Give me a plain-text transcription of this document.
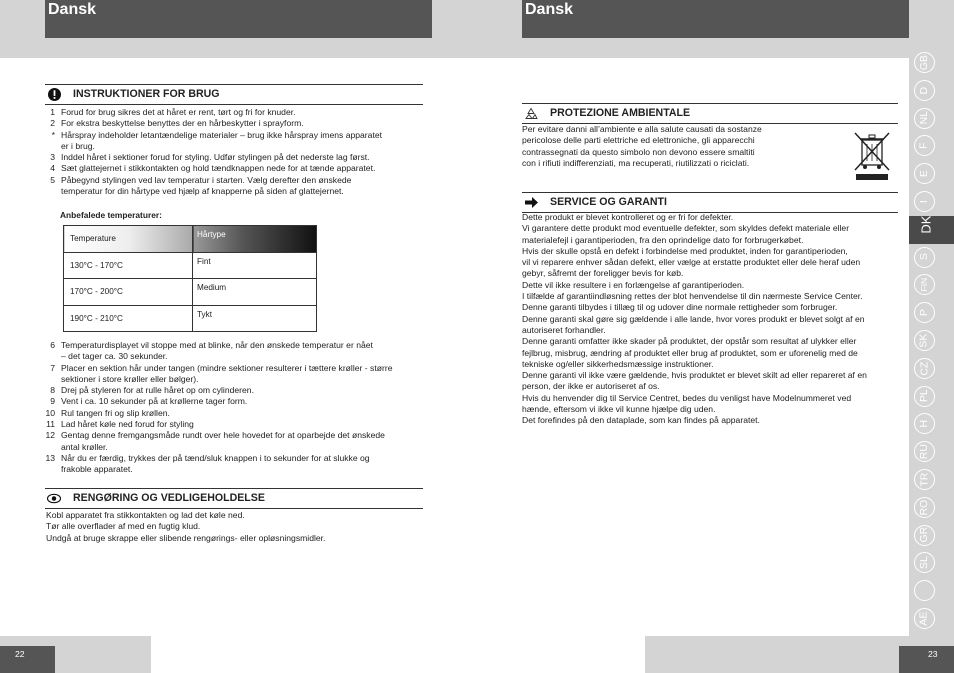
Dansk	Dansk
INSTRUKTIONER FOR BRUG
1 Forud for brug sikres det at håret er rent, tørt og fri for knuder.
2 For ekstra beskyttelse benyttes der en hårbeskytter i sprayform.
* Hårspray indeholder letantændelige materialer – brug ikke hårspray imens apparatet
er i brug.
3 Inddel håret i sektioner forud for styling. Udfør stylingen på det nederste lag først.
4 Sæt glattejernet i stikkontakten og hold tændknappen nede for at tænde apparatet.
5 Påbegynd stylingen ved lav temperatur i starten. Vælg derefter den ønskede
temperatur for din hårtype ved hjælp af knapperne på siden af glattejernet.
Anbefalede temperaturer:
Temperature	Hårtype
130°C - 170°C	Fint
170°C - 200°C	Medium
190°C - 210°C	Tykt
6 Temperaturdisplayet vil stoppe med at blinke, når den ønskede temperatur er nået
– det tager ca. 30 sekunder.
7 Placer en sektion hår under tangen (mindre sektioner resulterer i tættere krøller - større
sektioner i store krøller eller bølger).
8 Drej på styleren for at rulle håret op om cylinderen.
9 Vent i ca. 10 sekunder på at krøllerne tager form.
10 Rul tangen fri og slip krøllen.
11 Lad håret køle ned forud for styling
12 Gentag denne fremgangsmåde rundt over hele hovedet for at oparbejde det ønskede
antal krøller.
13 Når du er færdig, trykkes der på tænd/sluk knappen i to sekunder for at slukke og
frakoble apparatet.
RENGØRING OG VEDLIGEHOLDELSE
Kobl apparatet fra stikkontakten og lad det køle ned.
Tør alle overflader af med en fugtig klud.
Undgå at bruge skrappe eller slibende rengørings- eller opløsningsmidler.
PROTEZIONE AMBIENTALE
Per evitare danni all’ambiente e alla salute causati da sostanze
pericolose delle parti elettriche ed elettroniche, gli apparecchi
contrassegnati da questo simbolo non devono essere smaltiti
con i rifiuti indifferenziati, ma recuperati, riutilizzati o riciclati.
SERVICE OG GARANTI
Dette produkt er blevet kontrolleret og er fri for defekter.
Vi garantere dette produkt mod eventuelle defekter, som skyldes defekt materiale eller
materialefejl i garantiperioden, fra den oprindelige dato for forbrugerkøbet.
Hvis der skulle opstå en defekt i forbindelse med produktet, inden for garantiperioden,
vil vi reparere enhver sådan defekt, eller vælge at erstatte produktet eller dele heraf uden
gebyr, såfremt der foreligger bevis for køb.
Dette vil ikke resultere i en forlængelse af garantiperioden.
I tilfælde af garantiindløsning rettes der blot henvendelse til din nærmeste Service Center.
Denne garanti tilbydes i tillæg til og udover dine normale rettigheder som forbruger.
Denne garanti skal gøre sig gældende i alle lande, hvor vores produkt er blevet solgt af en
autoriseret forhandler.
Denne garanti omfatter ikke skader på produktet, der opstår som resultat af ulykker eller
fejlbrug, misbrug, ændring af produktet eller brug af produktet, som er uforenelig med de
tekniske og/eller sikkerhedsmæssige instruktioner.
Denne garanti vil ikke være gældende, hvis produktet er blevet skilt ad eller repareret af en
person, der ikke er autoriseret af os.
Hvis du henvender dig til Service Centret, bedes du venligst have Modelnummeret ved
hænde, eftersom vi ikke vil kunne hjælpe dig uden.
Det forefindes på den dataplade, som kan findes på apparatet.
GB
D
NL
F
E
I
DK
S
FIN
P
SK
CZ
PL
H
RU
TR
RO
GR
SL
AE
22	23
